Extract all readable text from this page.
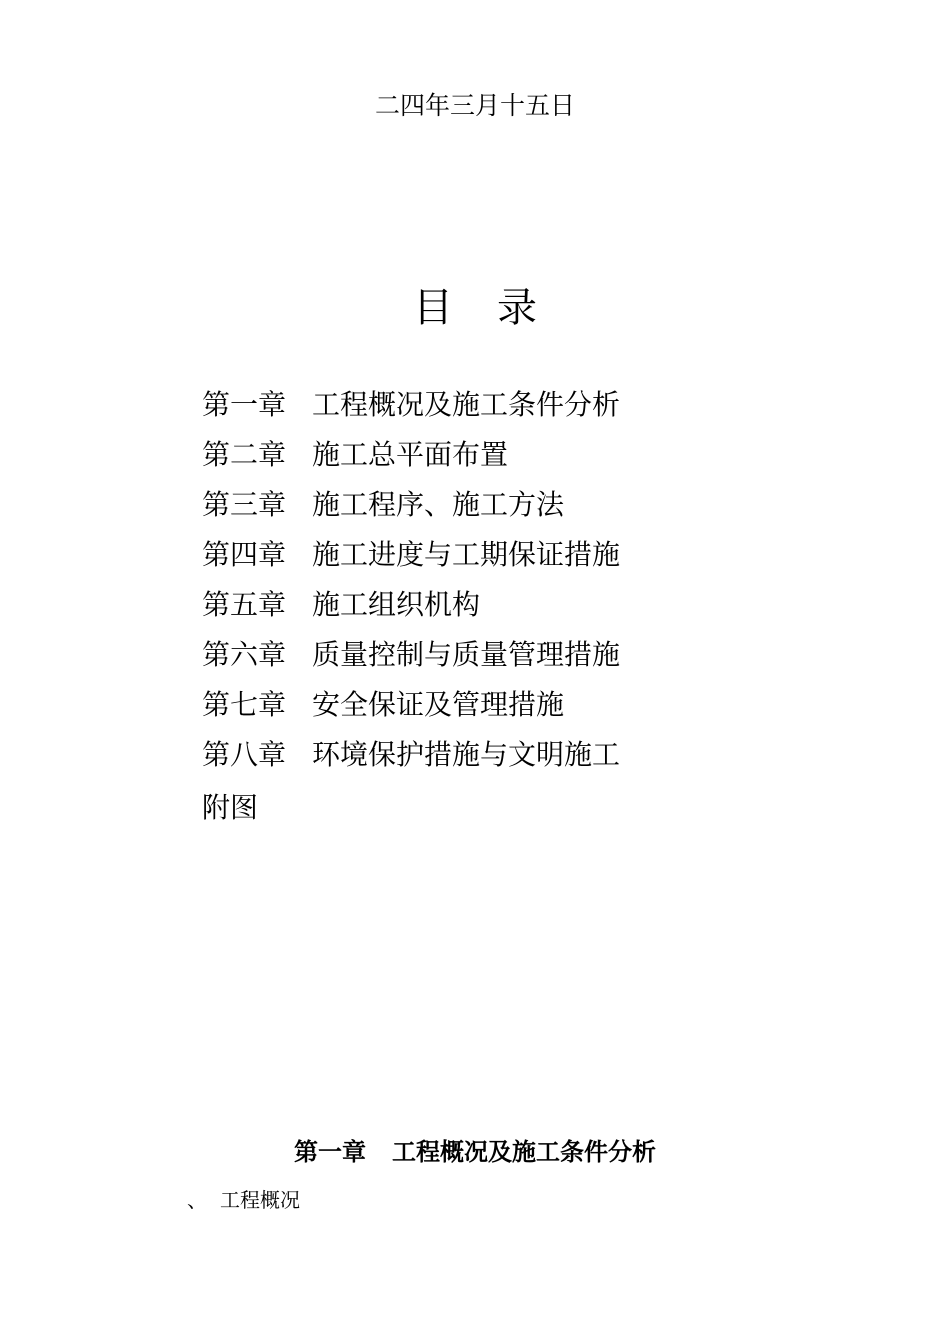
二四年三月十五日
目 录
第一章 工程概况及施工条件分析
第二章 施工总平面布置
第三章 施工程序、施工方法
第四章 施工进度与工期保证措施
第五章 施工组织机构
第六章 质量控制与质量管理措施
第七章 安全保证及管理措施
第八章 环境保护措施与文明施工
附图
第一章 工程概况及施工条件分析
、 工程概况
